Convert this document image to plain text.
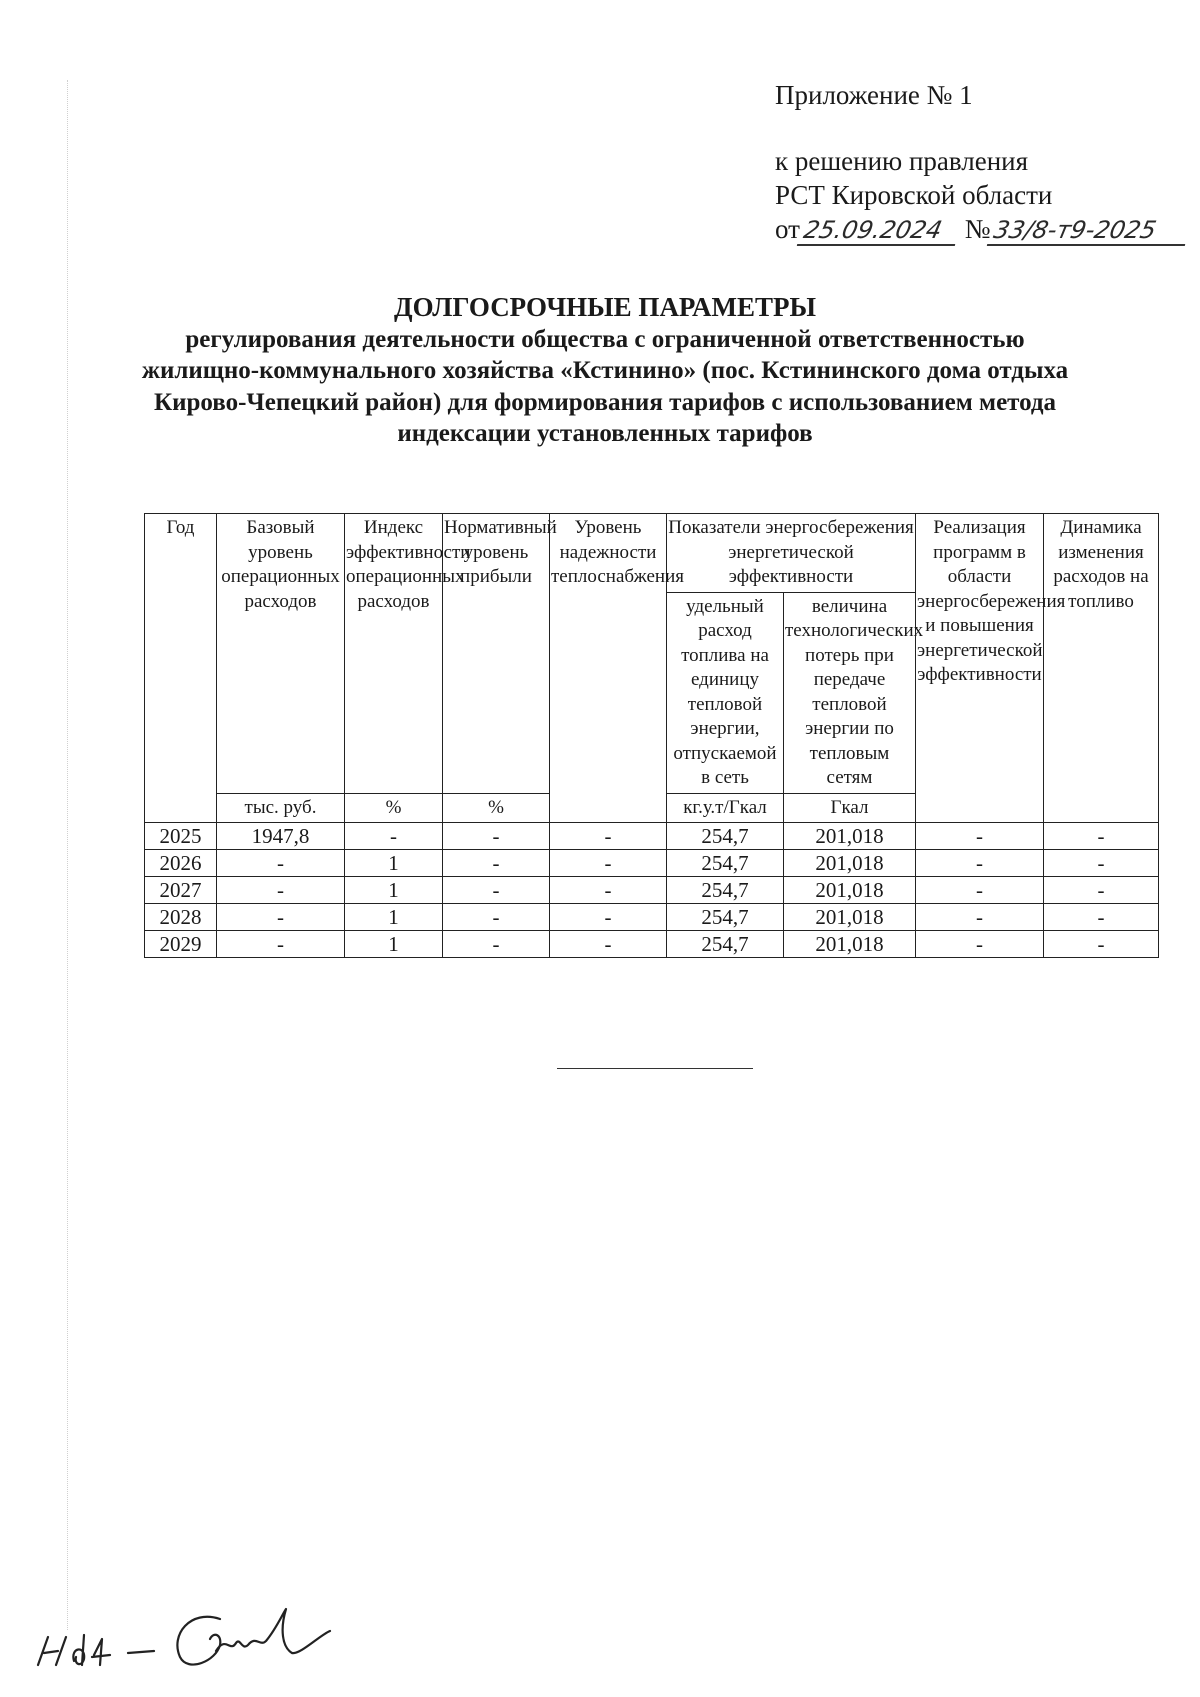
Приложение № 1
к решению правления
РСТ Кировской области
от25.09.2024 №33/8-т9-2025
ДОЛГОСРОЧНЫЕ ПАРАМЕТРЫ
регулирования деятельности общества с ограниченной ответственностью жилищно-коммунального хозяйства «Кстинино» (пос. Кстининского дома отдыха Кирово-Чепецкий район) для формирования тарифов с использованием метода индексации установленных тарифов
Год	Базовый уровень операционных расходов	Индекс эффективности операционных расходов	Нормативный уровень прибыли	Уровень надежности теплоснабжения	Показатели энергосбережения энергетической эффективности		Реализация программ в области энергосбережения и повышения энергетической эффективности	Динамика изменения расходов на топливо
					удельный расход топлива на единицу тепловой энергии, отпускаемой в сеть	величина технологических потерь при передаче тепловой энергии по тепловым сетям		
	тыс. руб.	%	%		кг.у.т/Гкал	Гкал		
2025	1947,8	-	-	-	254,7	201,018	-	-
2026	-	1	-	-	254,7	201,018	-	-
2027	-	1	-	-	254,7	201,018	-	-
2028	-	1	-	-	254,7	201,018	-	-
2029	-	1	-	-	254,7	201,018	-	-
